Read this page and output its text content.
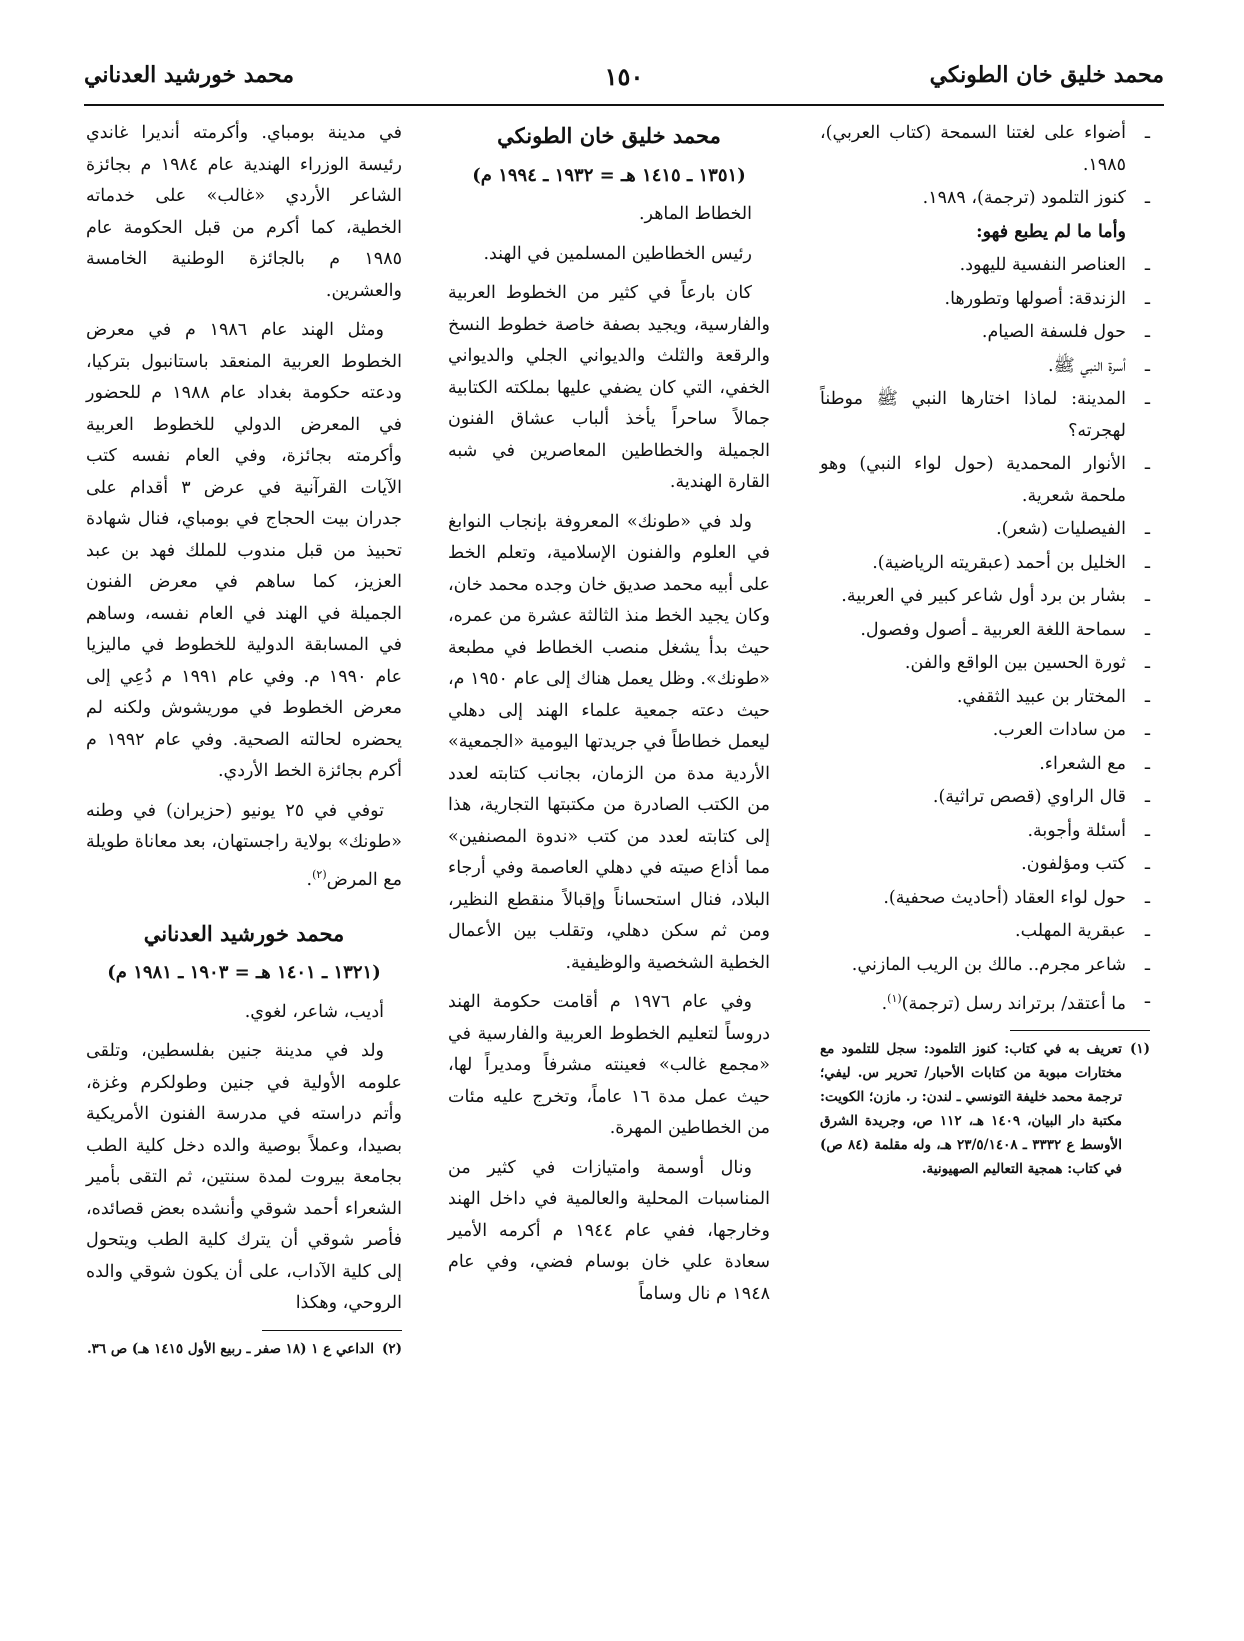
محمد خليق خان الطونكي
١٥٠
محمد خورشيد العدناني
ـ
أضواء على لغتنا السمحة (كتاب العربي)، ١٩٨٥.
ـ
كنوز التلمود (ترجمة)، ١٩٨٩.
وأما ما لم يطبع فهو:
ـ
العناصر النفسية لليهود.
ـ
الزندقة: أصولها وتطورها.
ـ
حول فلسفة الصيام.
ـ
أسرة النبي ﷺ.
ـ
المدينة: لماذا اختارها النبي ﷺ موطناً لهجرته؟
ـ
الأنوار المحمدية (حول لواء النبي) وهو ملحمة شعرية.
ـ
الفيصليات (شعر).
ـ
الخليل بن أحمد (عبقريته الرياضية).
ـ
بشار بن برد أول شاعر كبير في العربية.
ـ
سماحة اللغة العربية ـ أصول وفصول.
ـ
ثورة الحسين بين الواقع والفن.
ـ
المختار بن عبيد الثقفي.
ـ
من سادات العرب.
ـ
مع الشعراء.
ـ
قال الراوي (قصص تراثية).
ـ
أسئلة وأجوبة.
ـ
كتب ومؤلفون.
ـ
حول لواء العقاد (أحاديث صحفية).
ـ
عبقرية المهلب.
ـ
شاعر مجرم.. مالك بن الريب المازني.
ـ
ما أعتقد/ برتراند رسل (ترجمة)$^{(١)}$.
(١)
تعريف به في كتاب: كنوز التلمود: سجل للتلمود مع مختارات مبوبة من كتابات الأحبار/ تحرير س. ليفي؛ ترجمة محمد خليفة التونسي ـ لندن: ر. مازن؛ الكويت: مكتبة دار البيان، ١٤٠٩ هـ، ١١٢ ص، وجريدة الشرق الأوسط ع ٣٣٣٢ ـ ٢٣/٥/١٤٠٨ هـ، وله مقلمة (٨٤ ص) في كتاب: همجية التعاليم الصهيونية.
محمد خليق خان الطونكي
(١٣٥١ ـ ١٤١٥ هـ = ١٩٣٢ ـ ١٩٩٤ م)

الخطاط الماهر.

رئيس الخطاطين المسلمين في الهند.

كان بارعاً في كثير من الخطوط العربية والفارسية، ويجيد بصفة خاصة خطوط النسخ والرقعة والثلث والديواني الجلي والديواني الخفي، التي كان يضفي عليها بملكته الكتابية جمالاً ساحراً يأخذ ألباب عشاق الفنون الجميلة والخطاطين المعاصرين في شبه القارة الهندية.

ولد في «طونك» المعروفة بإنجاب النوابغ في العلوم والفنون الإسلامية، وتعلم الخط على أبيه محمد صديق خان وجده محمد خان، وكان يجيد الخط منذ الثالثة عشرة من عمره، حيث بدأ يشغل منصب الخطاط في مطبعة «طونك». وظل يعمل هناك إلى عام ١٩٥٠ م، حيث دعته جمعية علماء الهند إلى دهلي ليعمل خطاطاً في جريدتها اليومية «الجمعية» الأردية مدة من الزمان، بجانب كتابته لعدد من الكتب الصادرة من مكتبتها التجارية، هذا إلى كتابته لعدد من كتب «ندوة المصنفين» مما أذاع صيته في دهلي العاصمة وفي أرجاء البلاد، فنال استحساناً وإقبالاً منقطع النظير، ومن ثم سكن دهلي، وتقلب بين الأعمال الخطية الشخصية والوظيفية.

وفي عام ١٩٧٦ م أقامت حكومة الهند دروساً لتعليم الخطوط العربية والفارسية في «مجمع غالب» فعينته مشرفاً ومديراً لها، حيث عمل مدة ١٦ عاماً، وتخرج عليه مئات من الخطاطين المهرة.

ونال أوسمة وامتيازات في كثير من المناسبات المحلية والعالمية في داخل الهند وخارجها، ففي عام ١٩٤٤ م أكرمه الأمير سعادة علي خان بوسام فضي، وفي عام ١٩٤٨ م نال وساماً

في مدينة بومباي. وأكرمته أنديرا غاندي رئيسة الوزراء الهندية عام ١٩٨٤ م بجائزة الشاعر الأردي «غالب» على خدماته الخطية، كما أكرم من قبل الحكومة عام ١٩٨٥ م بالجائزة الوطنية الخامسة والعشرين.

ومثل الهند عام ١٩٨٦ م في معرض الخطوط العربية المنعقد باستانبول بتركيا، ودعته حكومة بغداد عام ١٩٨٨ م للحضور في المعرض الدولي للخطوط العربية وأكرمته بجائزة، وفي العام نفسه كتب الآيات القرآنية في عرض ٣ أقدام على جدران بيت الحجاج في بومباي، فنال شهادة تحبيذ من قبل مندوب للملك فهد بن عبد العزيز، كما ساهم في معرض الفنون الجميلة في الهند في العام نفسه، وساهم في المسابقة الدولية للخطوط في ماليزيا عام ١٩٩٠ م. وفي عام ١٩٩١ م دُعِي إلى معرض الخطوط في موريشوش ولكنه لم يحضره لحالته الصحية. وفي عام ١٩٩٢ م أكرم بجائزة الخط الأردي.

توفي في ٢٥ يونيو (حزيران) في وطنه «طونك» بولاية راجستهان، بعد معاناة طويلة مع المرض$^{(٢)}$.

محمد خورشيد العدناني
(١٣٢١ ـ ١٤٠١ هـ = ١٩٠٣ ـ ١٩٨١ م)

أديب، شاعر، لغوي.

ولد في مدينة جنين بفلسطين، وتلقى علومه الأولية في جنين وطولكرم وغزة، وأتم دراسته في مدرسة الفنون الأمريكية بصيدا، وعملاً بوصية والده دخل كلية الطب بجامعة بيروت لمدة سنتين، ثم التقى بأمير الشعراء أحمد شوقي وأنشده بعض قصائده، فأصر شوقي أن يترك كلية الطب ويتحول إلى كلية الآداب، على أن يكون شوقي والده الروحي، وهكذا

(٢)
الداعي ع ١ (١٨ صفر ـ ربيع الأول ١٤١٥ هـ) ص ٣٦.
